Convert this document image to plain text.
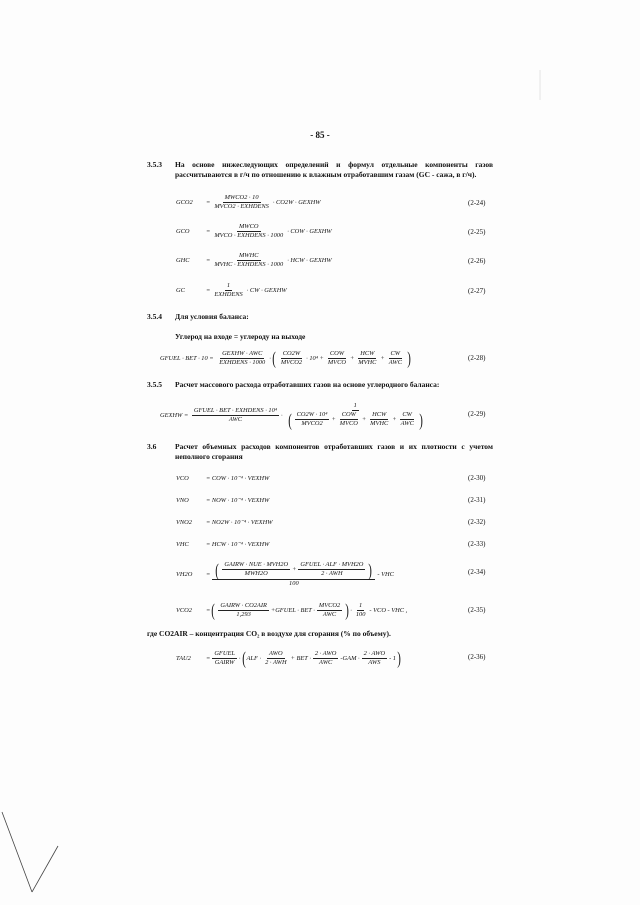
- 85 -
3.5.3 На основе нижеследующих определений и формул отдельные компоненты газов рассчитываются в г/ч по отношению к влажным отработавшим газам (GC - сажа, в г/ч).
GCO2	= $\frac{\text{MWCO2 · 10}}{\text{MVCO2 · EXHDENS}} \cdot CO2W$ · GEXHW	(2-24)
GCO	= $\frac{\text{MWCO}}{\text{MVCO · EXHDENS · 1000}}$ · COW · GEXHW	(2-25)
GHC	= $\frac{\text{MWHC}}{\text{MVHC · EXHDENS · 1000}}$ · HCW · GEXHW	(2-26)
GC	= $\frac{1}{\text{EXHDENS}}$ · CW · GEXHW	(2-27)
3.5.4 Для условия баланса:
Углерод на входе = углероду на выходе
GFUEL · BET · $10 = \frac{\text{GEXHW · AWC}}{\text{EXHDENS · 1000}}$ · ( $\frac{CO2W}{\text{MVCO2}} \cdot 10^4 + \frac{\text{COW}}{\text{MVCO}} + \frac{\text{HCW}}{\text{MVHC}} + \frac{CW}{\text{AWC}}$ )	(2-28)
3.5.5 Расчет массового расхода отработавших газов на основе углеродного баланса:
GEXHW = $\frac{\text{GFUEL · BET · EXHDENS · 10⁴}}{\text{AWC}}$ ·
1
( $\frac{\text{CO2W · 10⁴}}{\text{MVCO2}} + \frac{\text{COW}}{\text{MVCO}} + \frac{\text{HCW}}{\text{MVHC}} + \frac{CW}{\text{AWC}}$ )	(2-29)
3.6 Расчет объемных расходов компонентов отработавших газов и их плотности с учетом неполного сгорания
VCO	= COW · 10⁻⁴ · VEXHW	(2-30)
VNO	= NOW · 10⁻⁴ · VEXHW	(2-31)
VNO2	= NO2W · 10⁻⁴ · VEXHW	(2-32)
VHC	= HCW · 10⁻⁴ · VEXHW	(2-33)
VH2O	= ( $\frac{\text{GAIRW · NUE · MVH2O}}{\text{MWH2O}} + \frac{\text{GFUEL · ALF · MVH2O}}{\text{2 · AWH}}$ )
100
- VHC	(2-34)
VCO2	= ( $\frac{\text{GAIRW · CO2AIR}}{1,293}$ + GFUEL · BET · $\frac{\text{MVCO2}}{\text{AWC}}$ ) · $\frac{1}{100}$ - VCO - VHC ,	(2-35)
где CO2AIR – концентрация CO₂ в воздухе для сгорания (% по объему).
TAU2	= $\frac{\text{GFUEL}}{\text{GAIRW}}$ · ( ALF · $\frac{\text{AWO}}{\text{2 · AWH}}$ + BET · $\frac{\text{2 · AWO}}{\text{AWC}}$ - GAM · $\frac{\text{2 · AWO}}{\text{AWS}} - 1$ )	(2-36)
